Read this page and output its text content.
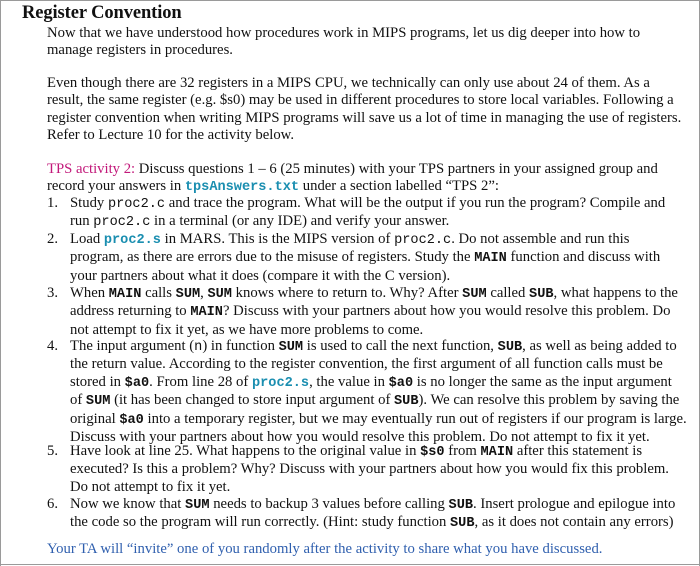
Register Convention
Now that we have understood how procedures work in MIPS programs, let us dig deeper into how to
manage registers in procedures.
Even though there are 32 registers in a MIPS CPU, we technically can only use about 24 of them. As a
result, the same register (e.g. $s0) may be used in different procedures to store local variables. Following a
register convention when writing MIPS programs will save us a lot of time in managing the use of registers.
Refer to Lecture 10 for the activity below.
TPS activity 2: Discuss questions 1 – 6 (25 minutes) with your TPS partners in your assigned group and
record your answers in tpsAnswers.txt under a section labelled “TPS 2”:
1. Study proc2.c and trace the program. What will be the output if you run the program? Compile and
run proc2.c in a terminal (or any IDE) and verify your answer.
2. Load proc2.s in MARS. This is the MIPS version of proc2.c. Do not assemble and run this
program, as there are errors due to the misuse of registers. Study the MAIN function and discuss with
your partners about what it does (compare it with the C version).
3. When MAIN calls SUM, SUM knows where to return to. Why? After SUM called SUB, what happens to the
address returning to MAIN? Discuss with your partners about how you would resolve this problem. Do
not attempt to fix it yet, as we have more problems to come.
4. The input argument (n) in function SUM is used to call the next function, SUB, as well as being added to
the return value. According to the register convention, the first argument of all function calls must be
stored in $a0. From line 28 of proc2.s, the value in $a0 is no longer the same as the input argument
of SUM (it has been changed to store input argument of SUB). We can resolve this problem by saving the
original $a0 into a temporary register, but we may eventually run out of registers if our program is large.
Discuss with your partners about how you would resolve this problem. Do not attempt to fix it yet.
5. Have look at line 25. What happens to the original value in $s0 from MAIN after this statement is
executed? Is this a problem? Why? Discuss with your partners about how you would fix this problem.
Do not attempt to fix it yet.
6. Now we know that SUM needs to backup 3 values before calling SUB. Insert prologue and epilogue into
the code so the program will run correctly. (Hint: study function SUB, as it does not contain any errors)
Your TA will “invite” one of you randomly after the activity to share what you have discussed.
